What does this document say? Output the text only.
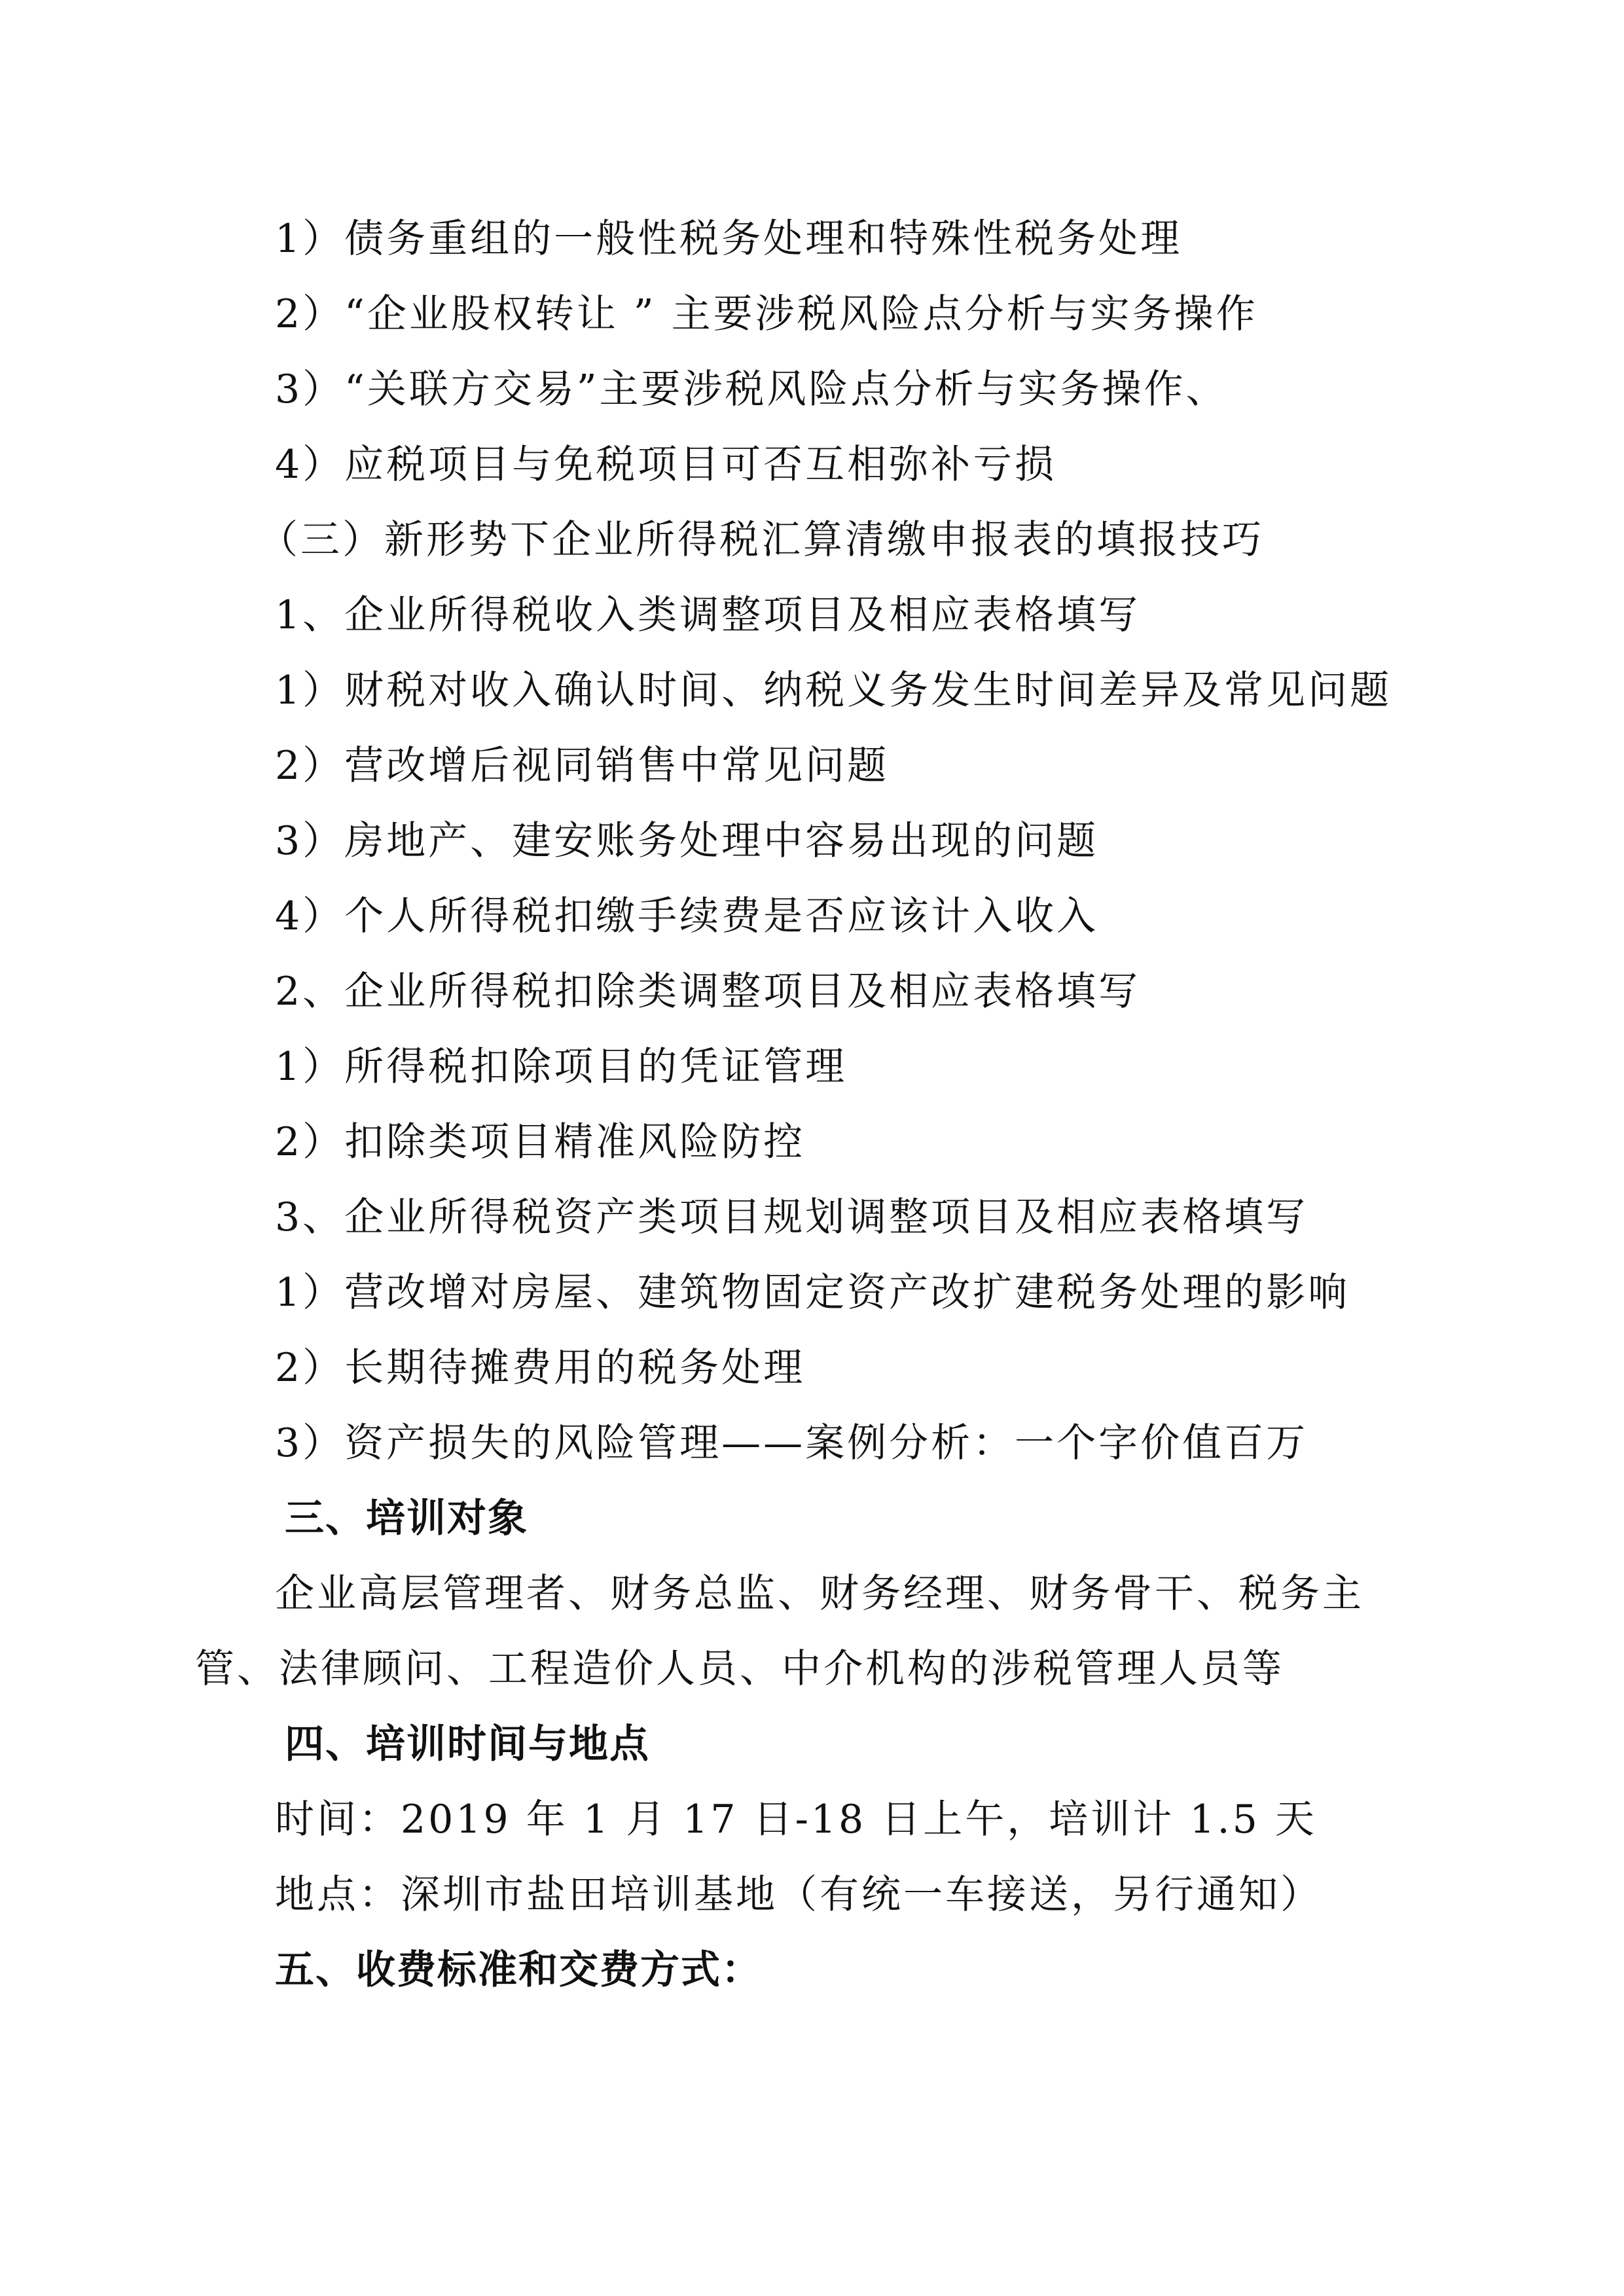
1）债务重组的一般性税务处理和特殊性税务处理
2）“企业股权转让 ” 主要涉税风险点分析与实务操作
3）“关联方交易”主要涉税风险点分析与实务操作、
4）应税项目与免税项目可否互相弥补亏损
（三）新形势下企业所得税汇算清缴申报表的填报技巧
1、企业所得税收入类调整项目及相应表格填写
1）财税对收入确认时间、纳税义务发生时间差异及常见问题
2）营改增后视同销售中常见问题
3）房地产、建安账务处理中容易出现的问题
4）个人所得税扣缴手续费是否应该计入收入
2、企业所得税扣除类调整项目及相应表格填写
1）所得税扣除项目的凭证管理
2）扣除类项目精准风险防控
3、企业所得税资产类项目规划调整项目及相应表格填写
1）营改增对房屋、建筑物固定资产改扩建税务处理的影响
2）长期待摊费用的税务处理
3）资产损失的风险管理——案例分析：一个字价值百万
三、培训对象
企业高层管理者、财务总监、财务经理、财务骨干、税务主
管、法律顾问、工程造价人员、中介机构的涉税管理人员等
四、培训时间与地点
时间：2019 年 1 月 17 日-18 日上午，培训计 1.5 天
地点：深圳市盐田培训基地（有统一车接送，另行通知）
五、收费标准和交费方式：
